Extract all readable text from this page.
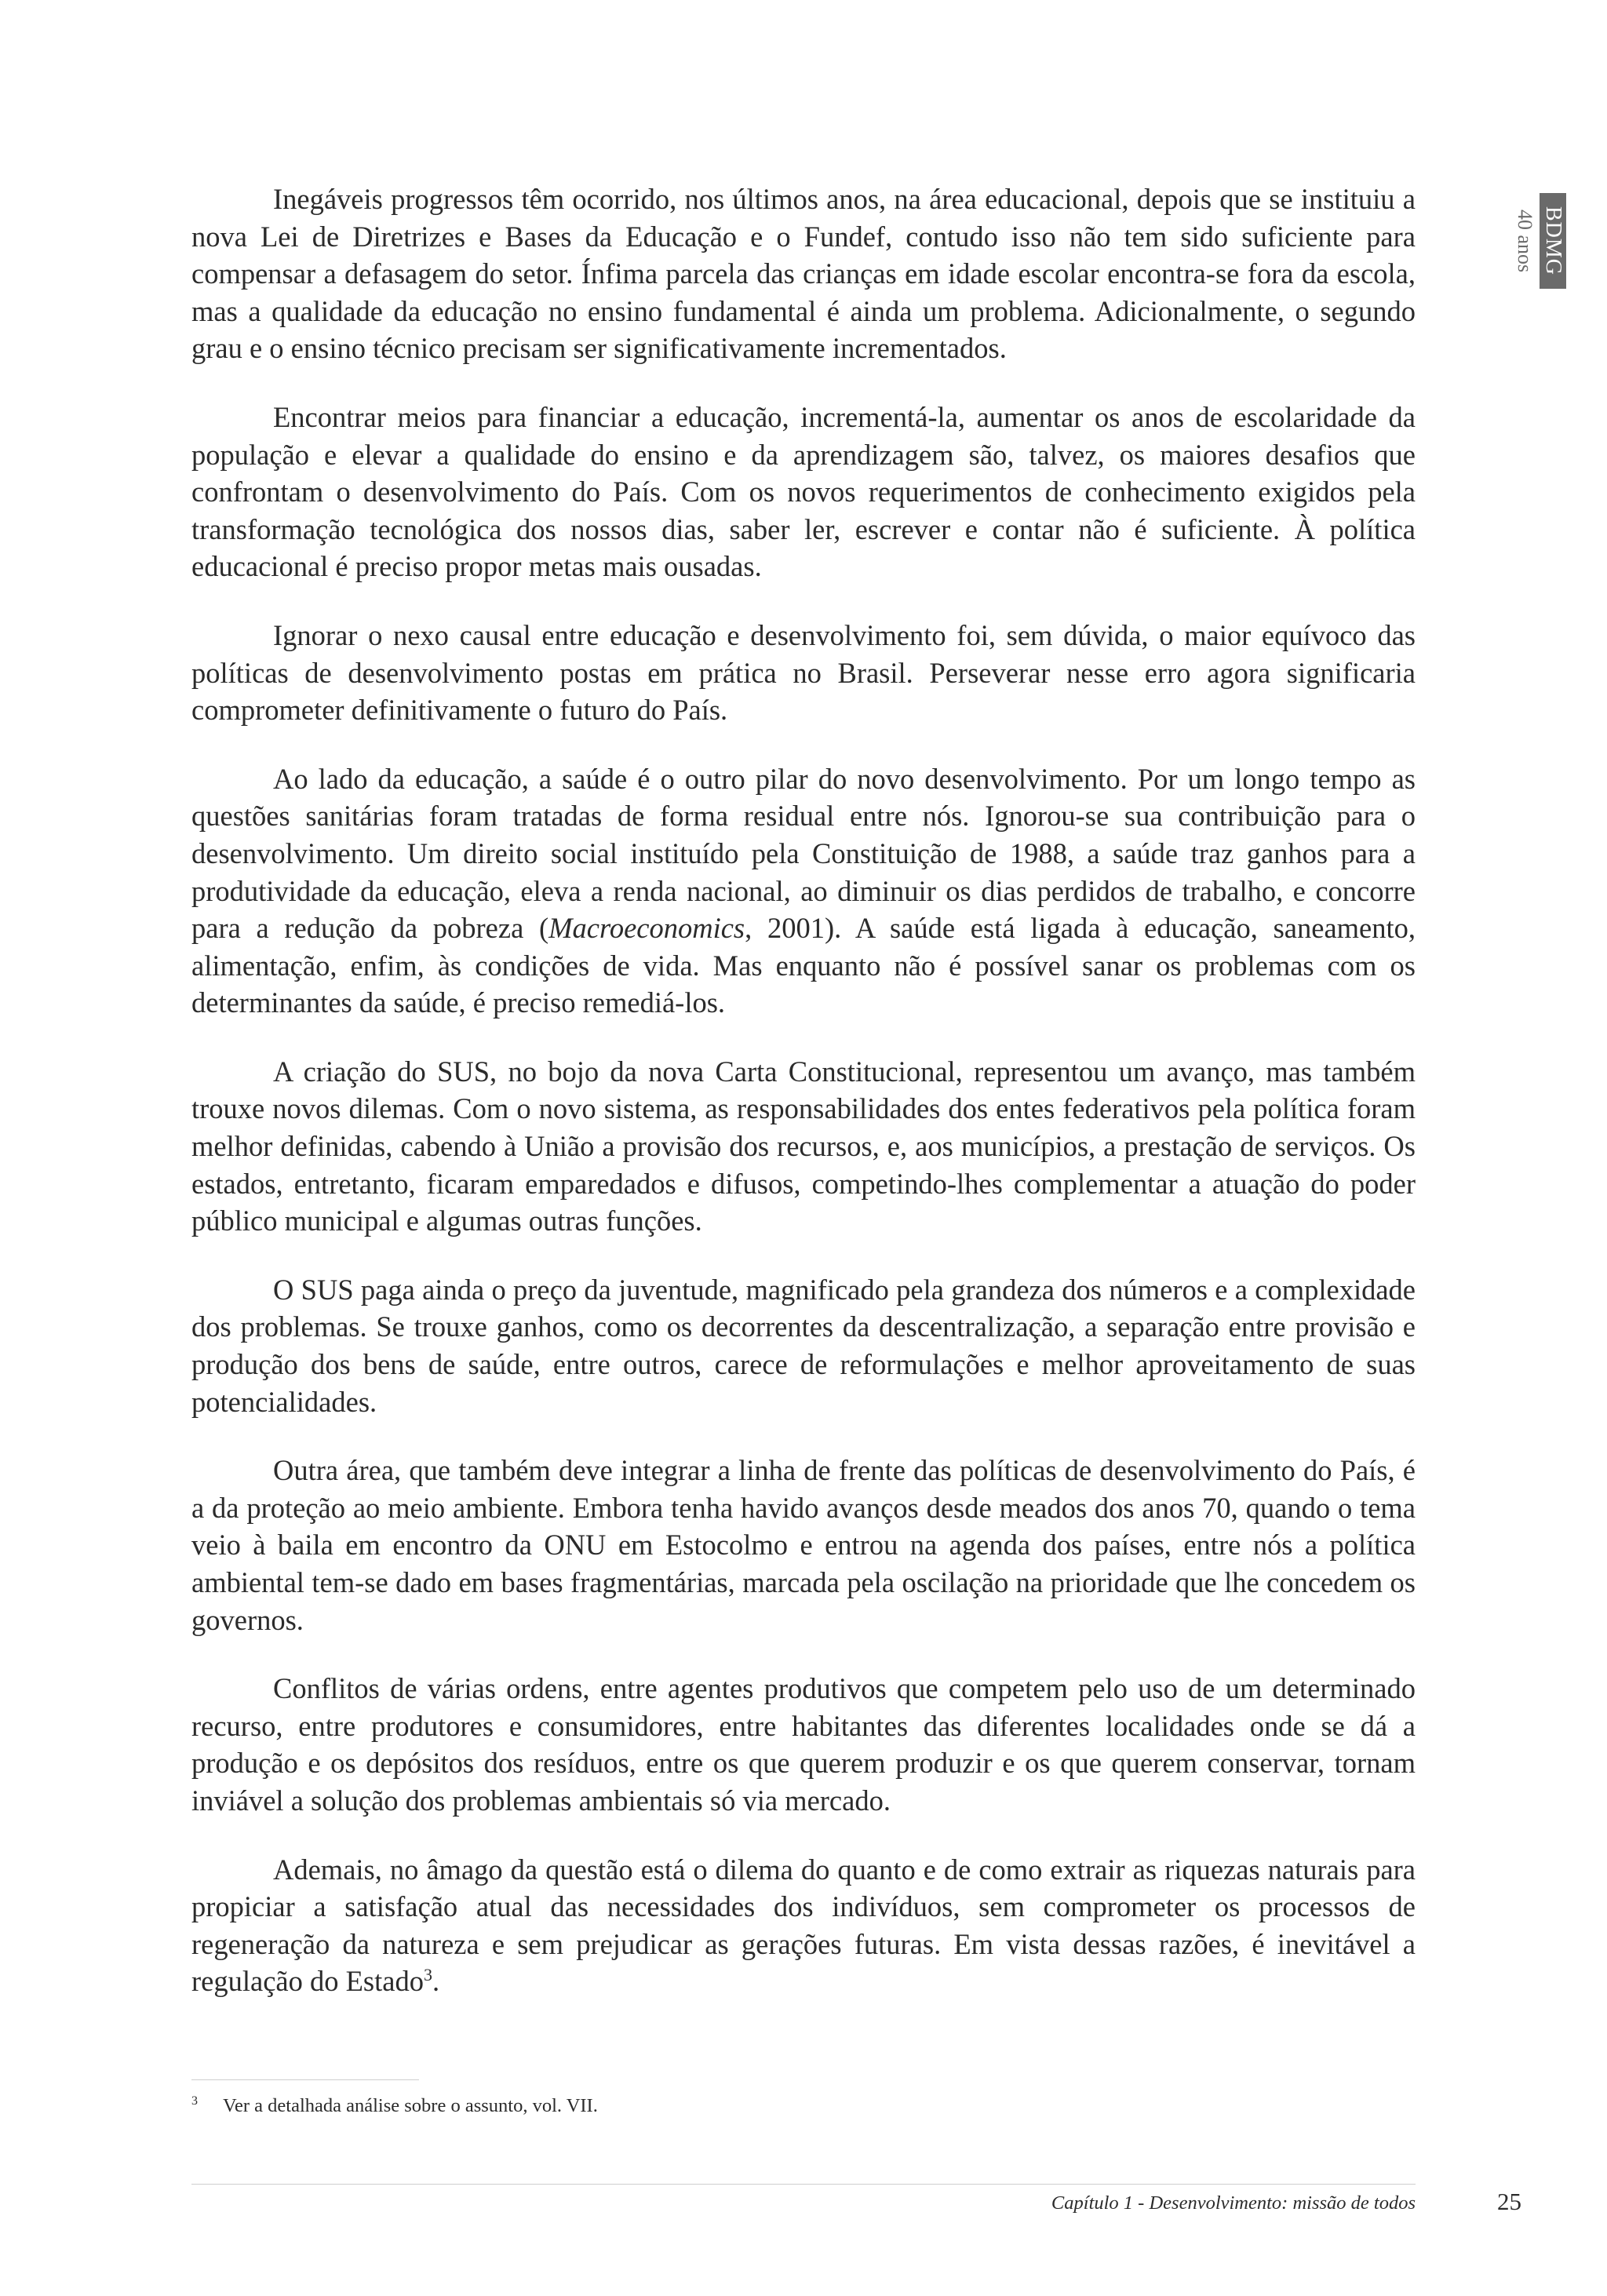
40 anos BDMG

Inegáveis progressos têm ocorrido, nos últimos anos, na área educacional, depois que se instituiu a nova Lei de Diretrizes e Bases da Educação e o Fundef, contudo isso não tem sido suficiente para compensar a defasagem do setor. Ínfima parcela das crianças em idade escolar encontra-se fora da escola, mas a qualidade da educação no ensino fundamental é ainda um problema. Adicionalmente, o segundo grau e o ensino técnico precisam ser significativamente incrementados.

Encontrar meios para financiar a educação, incrementá-la, aumentar os anos de escolaridade da população e elevar a qualidade do ensino e da aprendizagem são, talvez, os maiores desafios que confrontam o desenvolvimento do País. Com os novos requerimentos de conhecimento exigidos pela transformação tecnológica dos nossos dias, saber ler, escrever e contar não é suficiente. À política educacional é preciso propor metas mais ousadas.

Ignorar o nexo causal entre educação e desenvolvimento foi, sem dúvida, o maior equívoco das políticas de desenvolvimento postas em prática no Brasil. Perseverar nesse erro agora significaria comprometer definitivamente o futuro do País.

Ao lado da educação, a saúde é o outro pilar do novo desenvolvimento. Por um longo tempo as questões sanitárias foram tratadas de forma residual entre nós. Ignorou-se sua contribuição para o desenvolvimento. Um direito social instituído pela Constituição de 1988, a saúde traz ganhos para a produtividade da educação, eleva a renda nacional, ao diminuir os dias perdidos de trabalho, e concorre para a redução da pobreza (Macroeconomics, 2001). A saúde está ligada à educação, saneamento, alimentação, enfim, às condições de vida. Mas enquanto não é possível sanar os problemas com os determinantes da saúde, é preciso remediá-los.

A criação do SUS, no bojo da nova Carta Constitucional, representou um avanço, mas também trouxe novos dilemas. Com o novo sistema, as responsabilidades dos entes federativos pela política foram melhor definidas, cabendo à União a provisão dos recursos, e, aos municípios, a prestação de serviços. Os estados, entretanto, ficaram emparedados e difusos, competindo-lhes complementar a atuação do poder público municipal e algumas outras funções.

O SUS paga ainda o preço da juventude, magnificado pela grandeza dos números e a complexidade dos problemas. Se trouxe ganhos, como os decorrentes da descentralização, a separação entre provisão e produção dos bens de saúde, entre outros, carece de reformulações e melhor aproveitamento de suas potencialidades.

Outra área, que também deve integrar a linha de frente das políticas de desenvolvimento do País, é a da proteção ao meio ambiente. Embora tenha havido avanços desde meados dos anos 70, quando o tema veio à baila em encontro da ONU em Estocolmo e entrou na agenda dos países, entre nós a política ambiental tem-se dado em bases fragmentárias, marcada pela oscilação na prioridade que lhe concedem os governos.

Conflitos de várias ordens, entre agentes produtivos que competem pelo uso de um determinado recurso, entre produtores e consumidores, entre habitantes das diferentes localidades onde se dá a produção e os depósitos dos resíduos, entre os que querem produzir e os que querem conservar, tornam inviável a solução dos problemas ambientais só via mercado.

Ademais, no âmago da questão está o dilema do quanto e de como extrair as riquezas naturais para propiciar a satisfação atual das necessidades dos indivíduos, sem comprometer os processos de regeneração da natureza e sem prejudicar as gerações futuras. Em vista dessas razões, é inevitável a regulação do Estado$^3$.

3 Ver a detalhada análise sobre o assunto, vol. VII.
Capítulo 1 - Desenvolvimento: missão de todos	25
